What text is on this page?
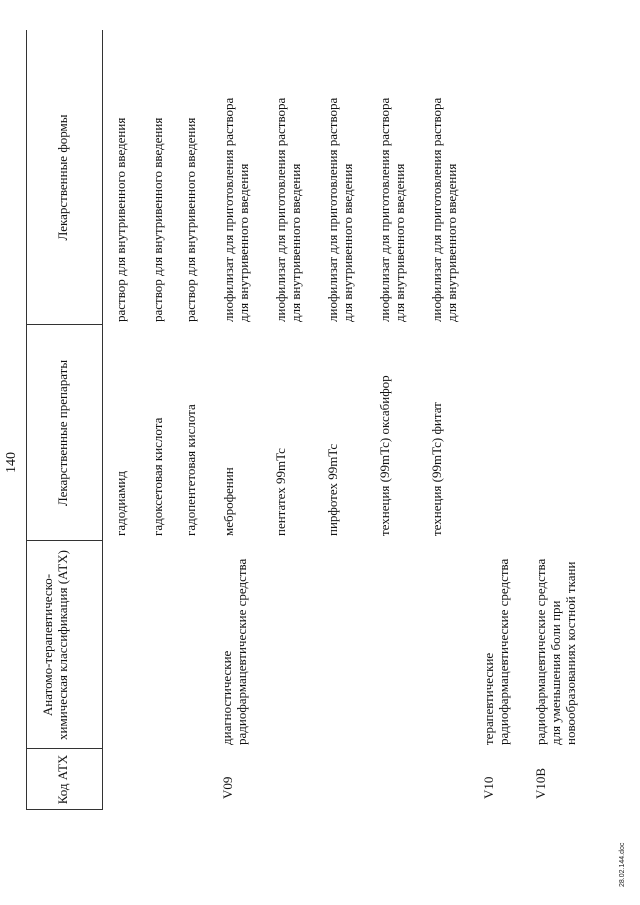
140
Код АТХ
Анатомо-терапевтическо-химическая классификация (АТХ)
Лекарственные препараты
Лекарственные формы
гадодиамид
раствор для внутривенного введения
гадоксетовая кислота
раствор для внутривенного введения
гадопентетовая кислота
раствор для внутривенного введения
V09
диагностические радиофармацевтические средства
меброфенин
лиофилизат для приготовления раствора для внутривенного введения
пентатех 99mTc
лиофилизат для приготовления раствора для внутривенного введения
пирфотех 99mTc
лиофилизат для приготовления раствора для внутривенного введения
технеция (99mTc) оксабифор
лиофилизат для приготовления раствора для внутривенного введения
технеция (99mTc) фитат
лиофилизат для приготовления раствора для внутривенного введения
V10
терапевтические радиофармацевтические средства
V10B
радиофармацевтические средства для уменьшения боли при новообразованиях костной ткани
28.02.144.doc
